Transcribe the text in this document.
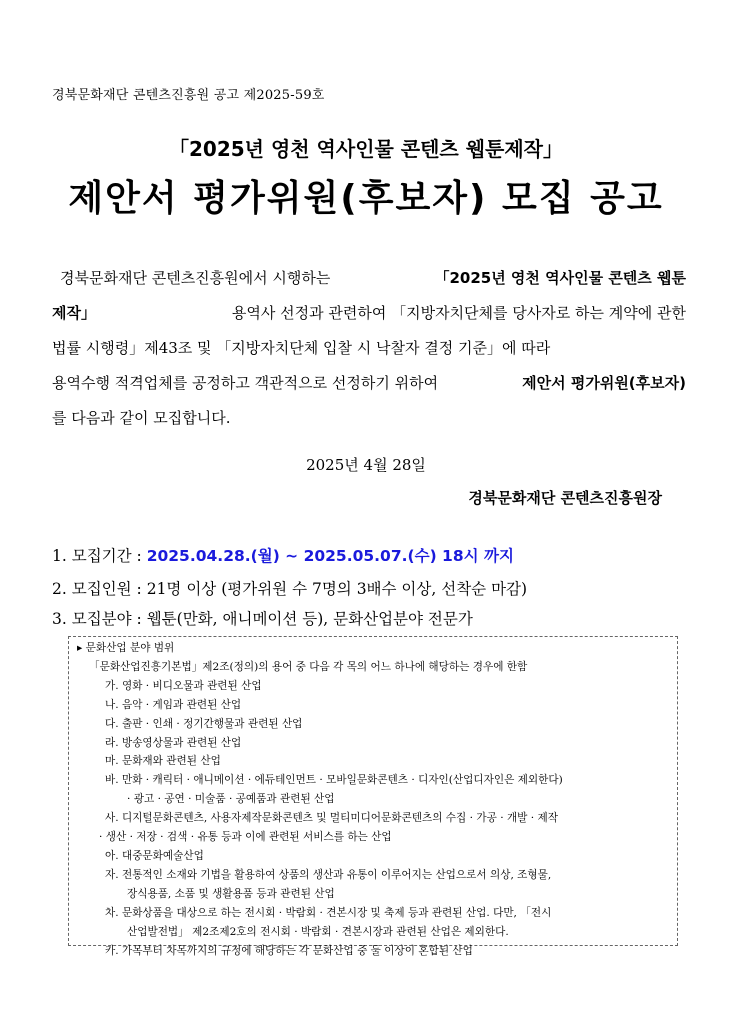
경북문화재단 콘텐츠진흥원 공고 제2025-59호
「2025년 영천 역사인물 콘텐츠 웹툰제작」
제안서 평가위원(후보자) 모집 공고
경북문화재단 콘텐츠진흥원에서 시행하는	「2025년 영천 역사인물 콘텐츠 웹툰
제작」	용역사 선정과 관련하여 「지방자치단체를 당사자로 하는 계약에 관한
법률 시행령」제43조 및 「지방자치단체 입찰 시 낙찰자 결정 기준」에 따라
용역수행 적격업체를 공정하고 객관적으로 선정하기 위하여	제안서 평가위원(후보자)
를 다음과 같이 모집합니다.
2025년 4월 28일
경북문화재단 콘텐츠진흥원장
1. 모집기간 : 2025.04.28.(월) ~ 2025.05.07.(수) 18시 까지
2. 모집인원 : 21명 이상 (평가위원 수 7명의 3배수 이상, 선착순 마감)
3. 모집분야 : 웹툰(만화, 애니메이션 등), 문화산업분야 전문가
▸ 문화산업 분야 범위
「문화산업진흥기본법」제2조(정의)의 용어 중 다음 각 목의 어느 하나에 해당하는 경우에 한함
가. 영화 · 비디오물과 관련된 산업
나. 음악 · 게임과 관련된 산업
다. 출판 · 인쇄 · 정기간행물과 관련된 산업
라. 방송영상물과 관련된 산업
마. 문화재와 관련된 산업
바. 만화 · 캐릭터 · 애니메이션 · 에듀테인먼트 · 모바일문화콘텐츠 · 디자인(산업디자인은 제외한다)
· 광고 · 공연 · 미술품 · 공예품과 관련된 산업
사. 디지털문화콘텐츠, 사용자제작문화콘텐츠 및 멀티미디어문화콘텐츠의 수집 · 가공 · 개발 · 제작
· 생산 · 저장 · 검색 · 유통 등과 이에 관련된 서비스를 하는 산업
아. 대중문화예술산업
자. 전통적인 소재와 기법을 활용하여 상품의 생산과 유통이 이루어지는 산업으로서 의상, 조형물,
장식용품, 소품 및 생활용품 등과 관련된 산업
차. 문화상품을 대상으로 하는 전시회 · 박람회 · 견본시장 및 축제 등과 관련된 산업. 다만, 「전시
산업발전법」 제2조제2호의 전시회 · 박람회 · 견본시장과 관련된 산업은 제외한다.
카. 가목부터 차목까지의 규정에 해당하는 각 문화산업 중 둘 이상이 혼합된 산업
